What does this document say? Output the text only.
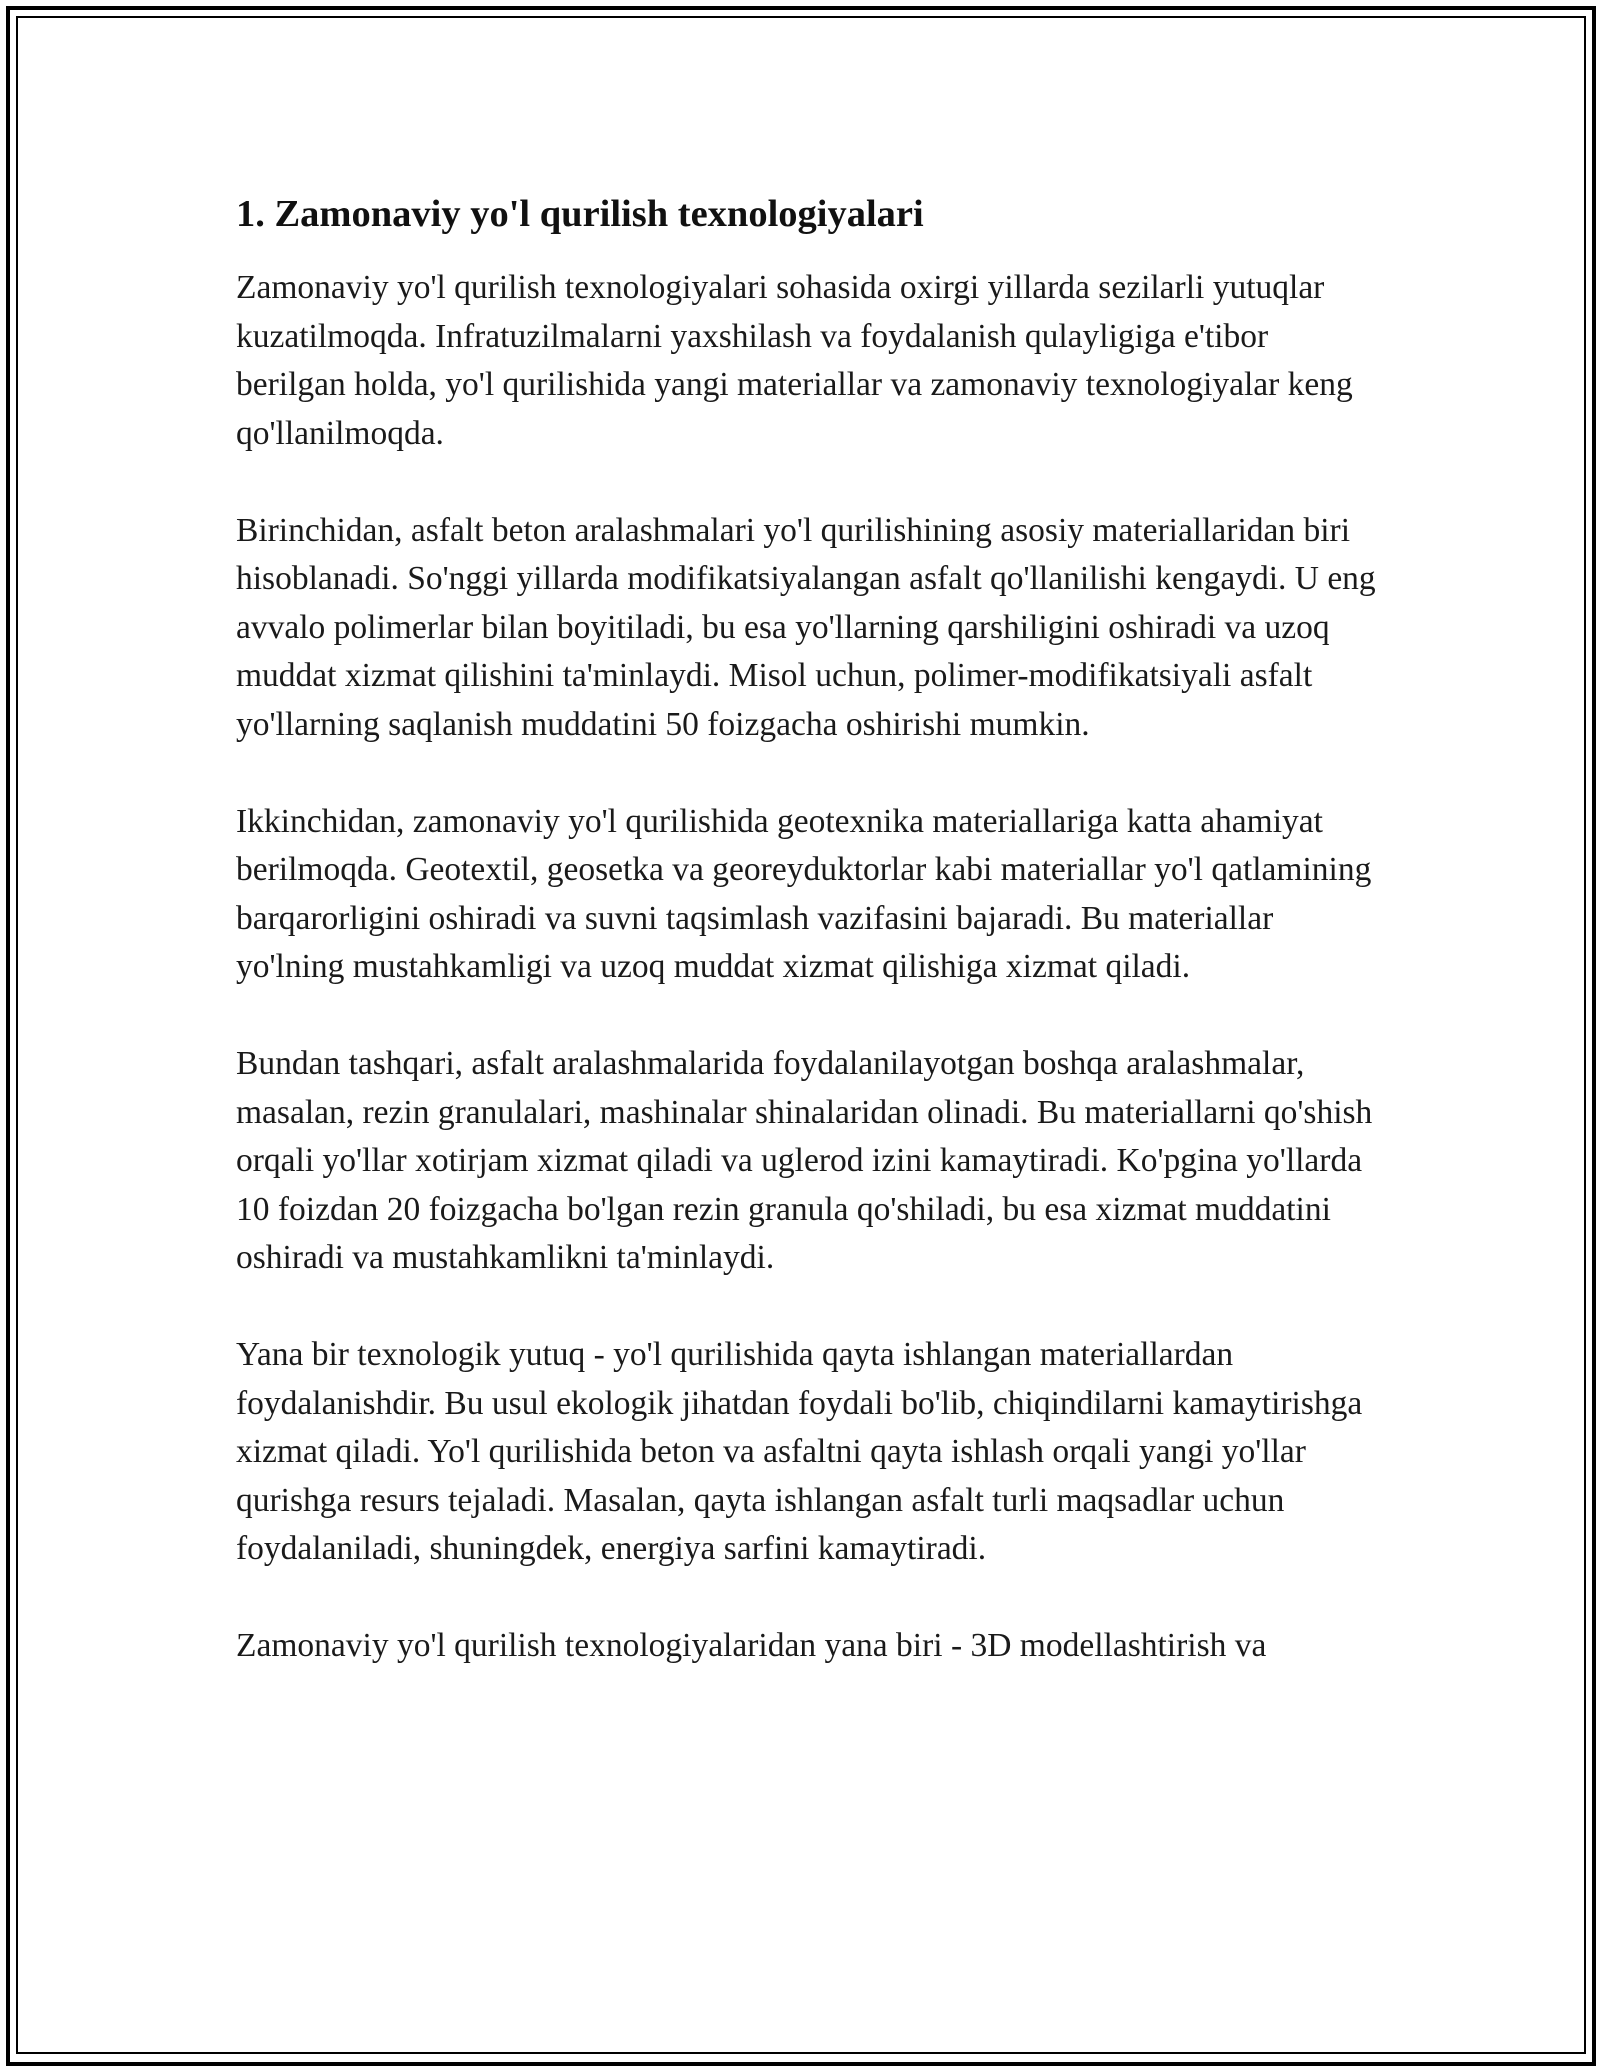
1. Zamonaviy yo'l qurilish texnologiyalari

Zamonaviy yo'l qurilish texnologiyalari sohasida oxirgi yillarda sezilarli yutuqlar kuzatilmoqda. Infratuzilmalarni yaxshilash va foydalanish qulayligiga e'tibor berilgan holda, yo'l qurilishida yangi materiallar va zamonaviy texnologiyalar keng qo'llanilmoqda.

Birinchidan, asfalt beton aralashmalari yo'l qurilishining asosiy materiallaridan biri hisoblanadi. So'nggi yillarda modifikatsiyalangan asfalt qo'llanilishi kengaydi. U eng avvalo polimerlar bilan boyitiladi, bu esa yo'llarning qarshiligini oshiradi va uzoq muddat xizmat qilishini ta'minlaydi. Misol uchun, polimer-modifikatsiyali asfalt yo'llarning saqlanish muddatini 50 foizgacha oshirishi mumkin.

Ikkinchidan, zamonaviy yo'l qurilishida geotexnika materiallariga katta ahamiyat berilmoqda. Geotextil, geosetka va georeyduktorlar kabi materiallar yo'l qatlamining barqarorligini oshiradi va suvni taqsimlash vazifasini bajaradi. Bu materiallar yo'lning mustahkamligi va uzoq muddat xizmat qilishiga xizmat qiladi.

Bundan tashqari, asfalt aralashmalarida foydalanilayotgan boshqa aralashmalar, masalan, rezin granulalari, mashinalar shinalaridan olinadi. Bu materiallarni qo'shish orqali yo'llar xotirjam xizmat qiladi va uglerod izini kamaytiradi. Ko'pgina yo'llarda 10 foizdan 20 foizgacha bo'lgan rezin granula qo'shiladi, bu esa xizmat muddatini oshiradi va mustahkamlikni ta'minlaydi.

Yana bir texnologik yutuq - yo'l qurilishida qayta ishlangan materiallardan foydalanishdir. Bu usul ekologik jihatdan foydali bo'lib, chiqindilarni kamaytirishga xizmat qiladi. Yo'l qurilishida beton va asfaltni qayta ishlash orqali yangi yo'llar qurishga resurs tejaladi. Masalan, qayta ishlangan asfalt turli maqsadlar uchun foydalaniladi, shuningdek, energiya sarfini kamaytiradi.

Zamonaviy yo'l qurilish texnologiyalaridan yana biri - 3D modellashtirish va
